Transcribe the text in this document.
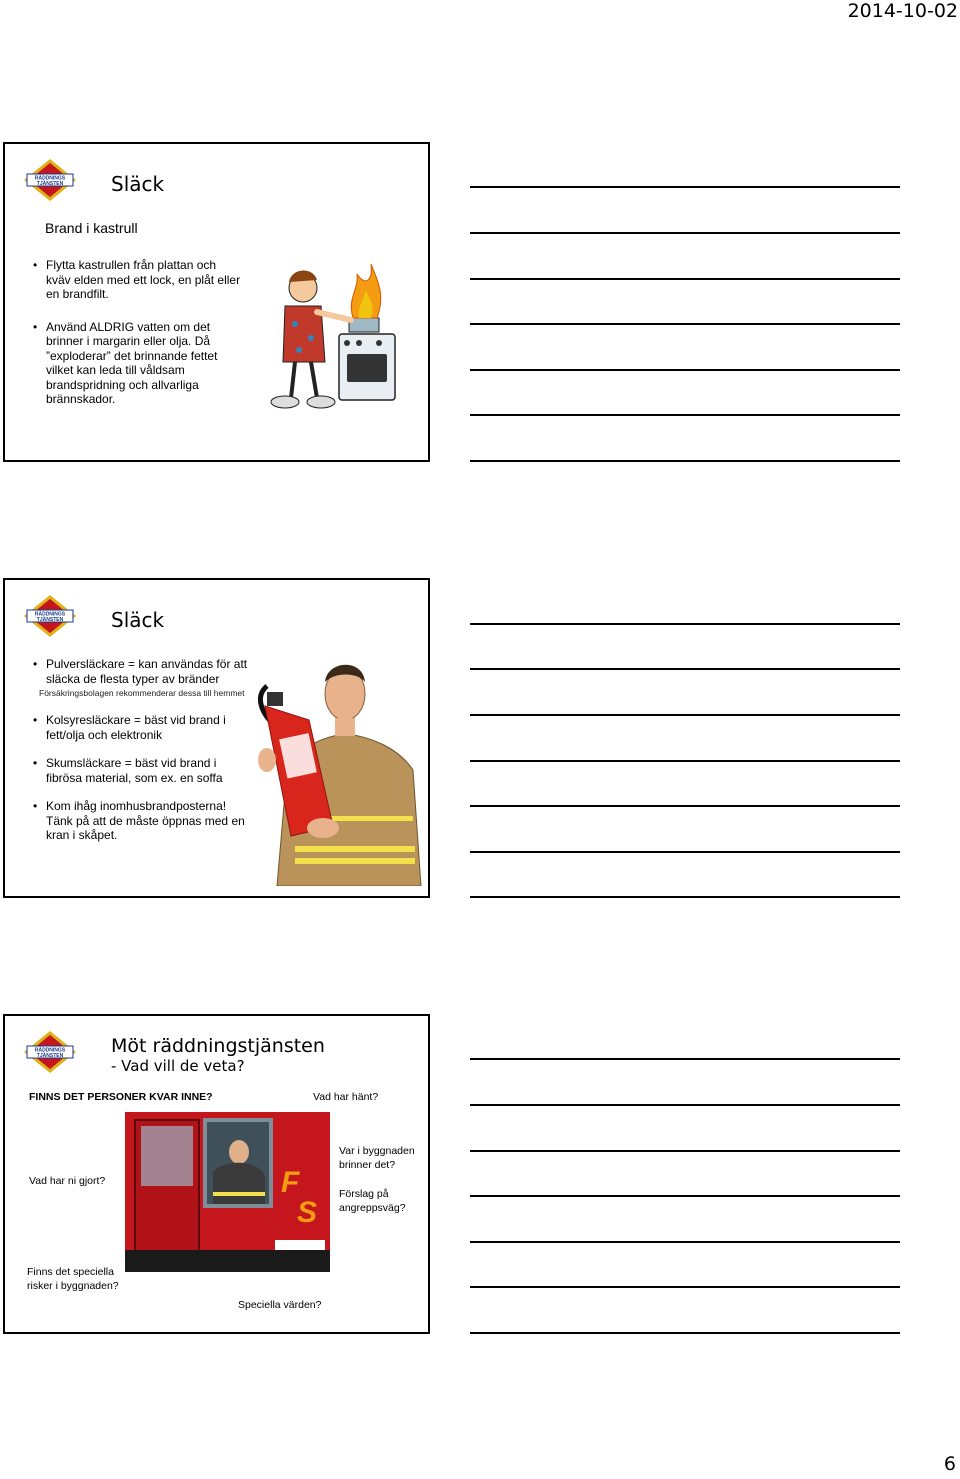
2014-10-02
RÄDDNINGS
TJÄNSTEN Släck
Brand i kastrull
• Flytta kastrullen från plattan och kväv elden med ett lock, en plåt eller en brandfilt.
• Använd ALDRIG vatten om det brinner i margarin eller olja. Då ”exploderar” det brinnande fettet vilket kan leda till våldsam brandspridning och allvarliga brännskador.
RÄDDNINGS
TJÄNSTEN Släck
• Pulversläckare = kan användas för att släcka de flesta typer av bränder
Försäkringsbolagen rekommenderar dessa till hemmet
• Kolsyresläckare = bäst vid brand i fett/olja och elektronik
• Skumsläckare = bäst vid brand i fibrösa material, som ex. en soffa
• Kom ihåg inomhusbrandposterna! Tänk på att de måste öppnas med en kran i skåpet.
RÄDDNINGS
TJÄNSTEN	Möt räddningstjänsten
- Vad vill de veta?
FINNS DET PERSONER KVAR INNE?	Vad har hänt?
F
S
Var i byggnaden brinner det?
Vad har ni gjort?
Förslag på angreppsväg?
Finns det speciella risker i byggnaden?
Speciella värden?
6
